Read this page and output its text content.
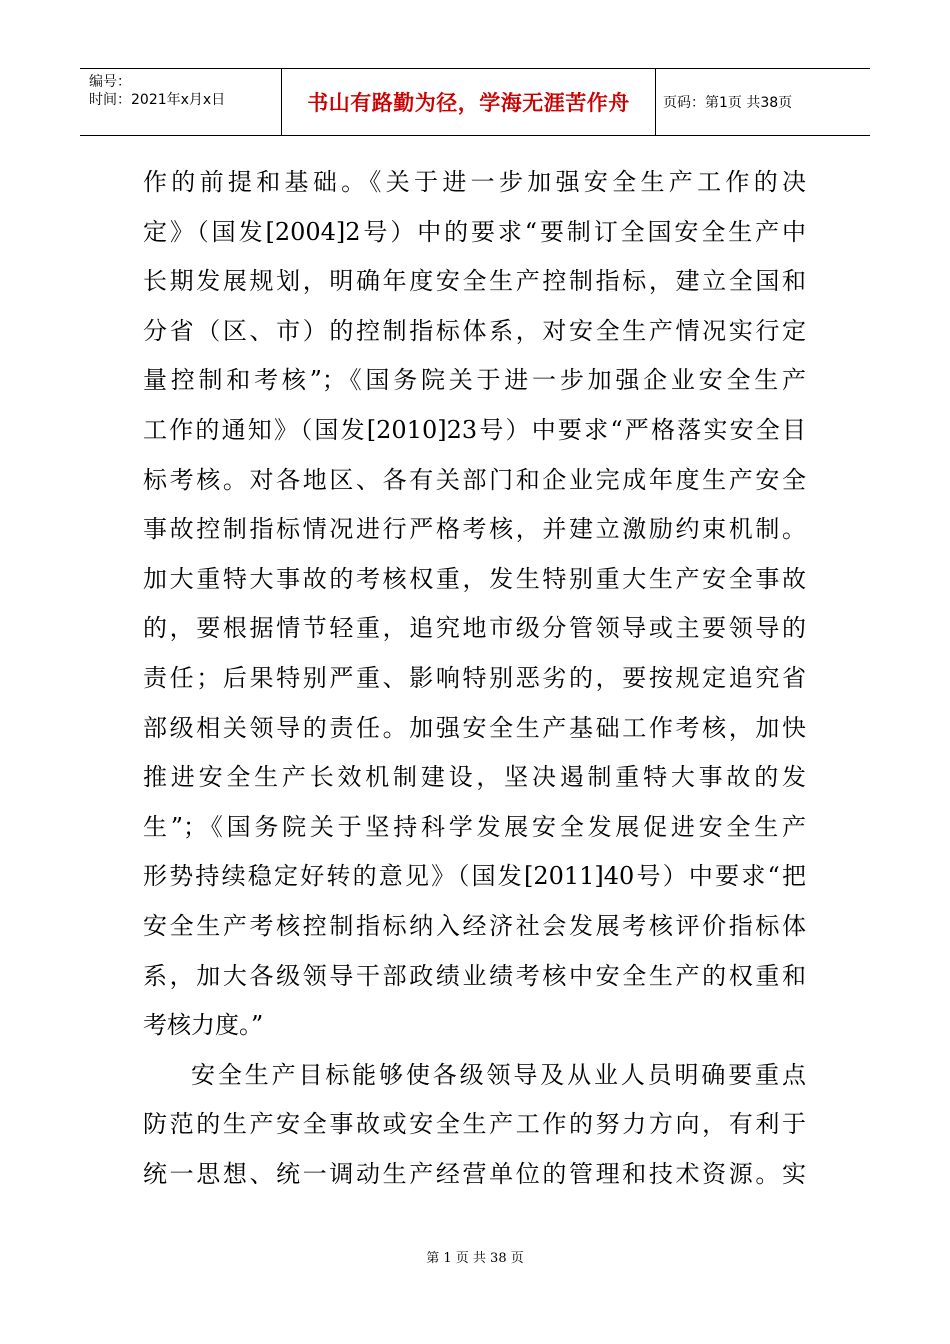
编号：
时间：2021年x月x日	书山有路勤为径，学海无涯苦作舟 页码：第1页 共38页
作的前提和基础。《关于进一步加强安全生产工作的决
定》（国发[2004]2号）中的要求“要制订全国安全生产中
长期发展规划，明确年度安全生产控制指标，建立全国和
分省（区、市）的控制指标体系，对安全生产情况实行定
量控制和考核”；《国务院关于进一步加强企业安全生产
工作的通知》（国发[2010]23号）中要求“严格落实安全目
标考核。对各地区、各有关部门和企业完成年度生产安全
事故控制指标情况进行严格考核，并建立激励约束机制。
加大重特大事故的考核权重，发生特别重大生产安全事故
的，要根据情节轻重，追究地市级分管领导或主要领导的
责任；后果特别严重、影响特别恶劣的，要按规定追究省
部级相关领导的责任。加强安全生产基础工作考核，加快
推进安全生产长效机制建设，坚决遏制重特大事故的发
生”；《国务院关于坚持科学发展安全发展促进安全生产
形势持续稳定好转的意见》（国发[2011]40号）中要求“把
安全生产考核控制指标纳入经济社会发展考核评价指标体
系，加大各级领导干部政绩业绩考核中安全生产的权重和
考核力度。”
安全生产目标能够使各级领导及从业人员明确要重点
防范的生产安全事故或安全生产工作的努力方向，有利于
统一思想、统一调动生产经营单位的管理和技术资源。实
第 1 页 共 38 页
